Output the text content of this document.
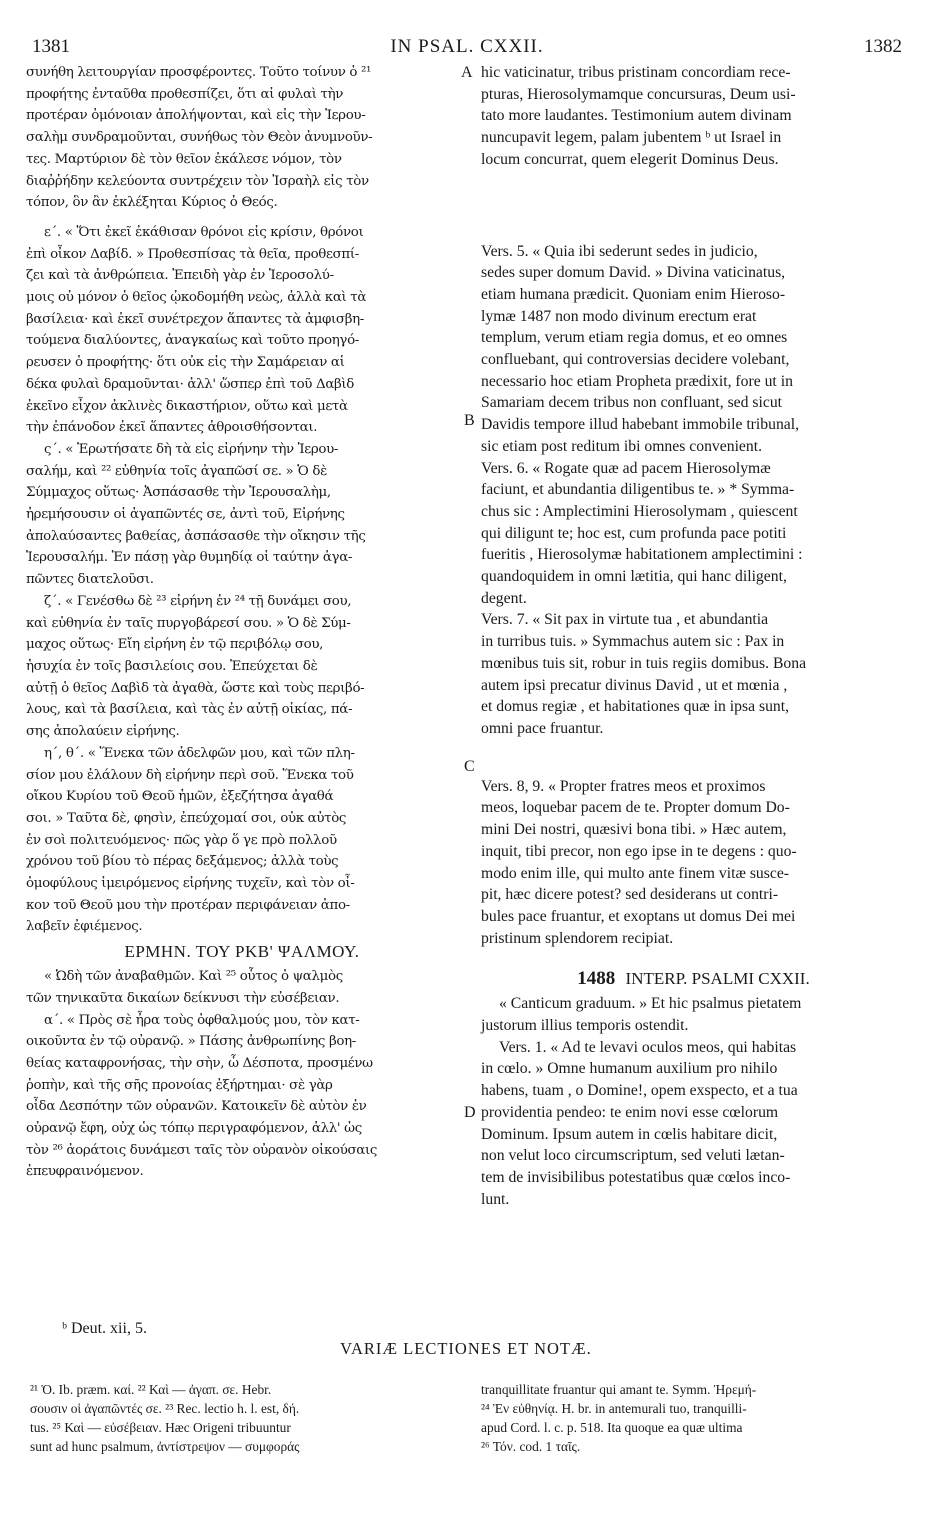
1381	IN PSAL. CXXII.	1382
συνήθη λειτουργίαν προσφέροντες. Τοῦτο τοίνυν ὁ ²¹
προφήτης ἐνταῦθα προθεσπίζει, ὅτι αἱ φυλαὶ τὴν
προτέραν ὁμόνοιαν ἀπολήψονται, καὶ εἰς τὴν Ἱερου-
σαλὴμ συνδραμοῦνται, συνήθως τὸν Θεὸν ἀνυμνοῦν-
τες. Μαρτύριον δὲ τὸν θεῖον ἐκάλεσε νόμον, τὸν
διαῤῥήδην κελεύοντα συντρέχειν τὸν Ἰσραὴλ εἰς τὸν
τόπον, ὃν ἂν ἐκλέξηται Κύριος ὁ Θεός.
ε΄. « Ὅτι ἐκεῖ ἐκάθισαν θρόνοι εἰς κρίσιν, θρόνοι
ἐπὶ οἶκον Δαβίδ. » Προθεσπίσας τὰ θεῖα, προθεσπί-
ζει καὶ τὰ ἀνθρώπεια. Ἐπειδὴ γὰρ ἐν Ἱεροσολύ-
μοις οὐ μόνον ὁ θεῖος ᾠκοδομήθη νεὼς, ἀλλὰ καὶ τὰ
βασίλεια· καὶ ἐκεῖ συνέτρεχον ἅπαντες τὰ ἀμφισβη-
τούμενα διαλύοντες, ἀναγκαίως καὶ τοῦτο προηγό-
ρευσεν ὁ προφήτης· ὅτι οὐκ εἰς τὴν Σαμάρειαν αἱ
δέκα φυλαὶ δραμοῦνται· ἀλλ' ὥσπερ ἐπὶ τοῦ Δαβὶδ
ἐκεῖνο εἶχον ἀκλινὲς δικαστήριον, οὕτω καὶ μετὰ
τὴν ἐπάνοδον ἐκεῖ ἅπαντες ἀθροισθήσονται.
ς΄. « Ἐρωτήσατε δὴ τὰ εἰς εἰρήνην τὴν Ἱερου-
σαλήμ, καὶ ²² εὐθηνία τοῖς ἀγαπῶσί σε. » Ὁ δὲ
Σύμμαχος οὕτως· Ἀσπάσασθε τὴν Ἱερουσαλὴμ,
ἠρεμήσουσιν οἱ ἀγαπῶντές σε, ἀντὶ τοῦ, Εἰρήνης
ἀπολαύσαντες βαθείας, ἀσπάσασθε τὴν οἴκησιν τῆς
Ἱερουσαλήμ. Ἐν πάσῃ γὰρ θυμηδίᾳ οἱ ταύτην ἀγα-
πῶντες διατελοῦσι.
ζ΄. « Γενέσθω δὲ ²³ εἰρήνη ἐν ²⁴ τῇ δυνάμει σου,
καὶ εὐθηνία ἐν ταῖς πυργοβάρεσί σου. » Ὁ δὲ Σύμ-
μαχος οὕτως· Εἴη εἰρήνη ἐν τῷ περιβόλῳ σου,
ἡσυχία ἐν τοῖς βασιλείοις σου. Ἐπεύχεται δὲ
αὐτῇ ὁ θεῖος Δαβὶδ τὰ ἀγαθὰ, ὥστε καὶ τοὺς περιβό-
λους, καὶ τὰ βασίλεια, καὶ τὰς ἐν αὐτῇ οἰκίας, πά-
σης ἀπολαύειν εἰρήνης.
η΄, θ΄. « Ἕνεκα τῶν ἀδελφῶν μου, καὶ τῶν πλη-
σίον μου ἐλάλουν δὴ εἰρήνην περὶ σοῦ. Ἕνεκα τοῦ
οἴκου Κυρίου τοῦ Θεοῦ ἡμῶν, ἐξεζήτησα ἀγαθά
σοι. » Ταῦτα δὲ, φησὶν, ἐπεύχομαί σοι, οὐκ αὐτὸς
ἐν σοὶ πολιτευόμενος· πῶς γὰρ ὅ γε πρὸ πολλοῦ
χρόνου τοῦ βίου τὸ πέρας δεξάμενος; ἀλλὰ τοὺς
ὁμοφύλους ἱμειρόμενος εἰρήνης τυχεῖν, καὶ τὸν οἶ-
κον τοῦ Θεοῦ μου τὴν προτέραν περιφάνειαν ἀπο-
λαβεῖν ἐφιέμενος.
ΕΡΜΗΝ. ΤΟΥ ΡΚΒ' ΨΑΛΜΟΥ.
« Ὠδὴ τῶν ἀναβαθμῶν. Καὶ ²⁵ οὗτος ὁ ψαλμὸς
τῶν τηνικαῦτα δικαίων δείκνυσι τὴν εὐσέβειαν.
α΄. « Πρὸς σὲ ἦρα τοὺς ὀφθαλμούς μου, τὸν κατ-
οικοῦντα ἐν τῷ οὐρανῷ. » Πάσης ἀνθρωπίνης βοη-
θείας καταφρονήσας, τὴν σὴν, ὦ Δέσποτα, προσμένω
ῥοπὴν, καὶ τῆς σῆς προνοίας ἐξήρτημαι· σὲ γὰρ
οἶδα Δεσπότην τῶν οὐρανῶν. Κατοικεῖν δὲ αὐτὸν ἐν
οὐρανῷ ἔφη, οὐχ ὡς τόπῳ περιγραφόμενον, ἀλλ' ὡς
τὸν ²⁶ ἀοράτοις δυνάμεσι ταῖς τὸν οὐρανὸν οἰκούσαις
ἐπευφραινόμενον.
A
B
C
D
hic vaticinatur, tribus pristinam concordiam rece-
pturas, Hierosolymamque concursuras, Deum usi-
tato more laudantes. Testimonium autem divinam
nuncupavit legem, palam jubentem ᵇ ut Israel in
locum concurrat, quem elegerit Dominus Deus.
Vers. 5. « Quia ibi sederunt sedes in judicio,
sedes super domum David. » Divina vaticinatus,
etiam humana prædicit. Quoniam enim Hieroso-
lymæ 1487 non modo divinum erectum erat
templum, verum etiam regia domus, et eo omnes
confluebant, qui controversias decidere volebant,
necessario hoc etiam Propheta prædixit, fore ut in
Samariam decem tribus non confluant, sed sicut
Davidis tempore illud habebant immobile tribunal,
sic etiam post reditum ibi omnes convenient.
Vers. 6. « Rogate quæ ad pacem Hierosolymæ
faciunt, et abundantia diligentibus te. » * Symma-
chus sic : Amplectimini Hierosolymam , quiescent
qui diligunt te; hoc est, cum profunda pace potiti
fueritis , Hierosolymæ habitationem amplectimini :
quandoquidem in omni lætitia, qui hanc diligent,
degent.
Vers. 7. « Sit pax in virtute tua , et abundantia
in turribus tuis. » Symmachus autem sic : Pax in
mœnibus tuis sit, robur in tuis regiis domibus. Bona
autem ipsi precatur divinus David , ut et mœnia ,
et domus regiæ , et habitationes quæ in ipsa sunt,
omni pace fruantur.
Vers. 8, 9. « Propter fratres meos et proximos
meos, loquebar pacem de te. Propter domum Do-
mini Dei nostri, quæsivi bona tibi. » Hæc autem,
inquit, tibi precor, non ego ipse in te degens : quo-
modo enim ille, qui multo ante finem vitæ susce-
pit, hæc dicere potest? sed desiderans ut contri-
bules pace fruantur, et exoptans ut domus Dei mei
pristinum splendorem recipiat.
1488 INTERP. PSALMI CXXII.
« Canticum graduum. » Et hic psalmus pietatem
justorum illius temporis ostendit.
Vers. 1. « Ad te levavi oculos meos, qui habitas
in cœlo. » Omne humanum auxilium pro nihilo
habens, tuam , o Domine!, opem exspecto, et a tua
providentia pendeo: te enim novi esse cœlorum
Dominum. Ipsum autem in cœlis habitare dicit,
non velut loco circumscriptum, sed veluti lætan-
tem de invisibilibus potestatibus quæ cœlos inco-
lunt.
ᵇ Deut. xii, 5.
VARIÆ LECTIONES ET NOTÆ.
²¹ Ὁ. Ib. præm. καί. ²² Καὶ — ἀγαπ. σε. Hebr.
σουσιν οἱ ἀγαπῶντές σε. ²³ Rec. lectio h. l. est, δή.
tus. ²⁵ Καὶ — εὐσέβειαν. Hæc Origeni tribuuntur
sunt ad hunc psalmum, ἀντίστρεψον — συμφοράς
tranquillitate fruantur qui amant te. Symm. Ἠρεμή-
²⁴ Ἐν εὐθηνίᾳ. H. br. in antemurali tuo, tranquilli-
apud Cord. l. c. p. 518. Ita quoque ea quæ ultima
²⁶ Τόν. cod. 1 ταῖς.
